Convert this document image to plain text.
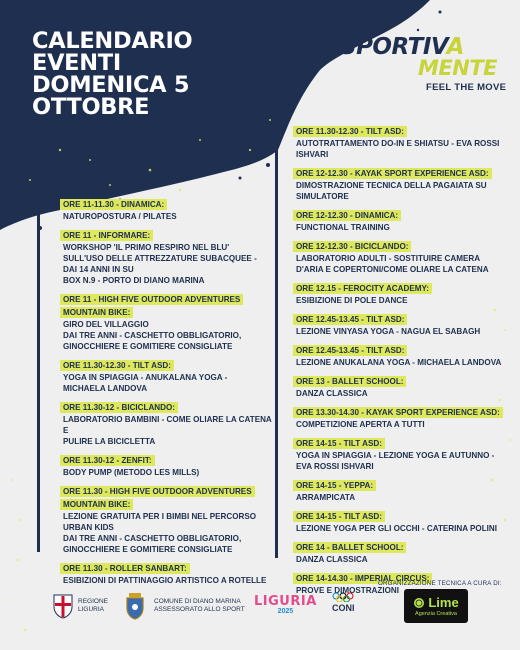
CALENDARIO
EVENTI
DOMENICA 5
OTTOBRE
SPORTIVA
MENTE
FEEL THE MOVE
ORE 11-11.30 - DINAMICA:
NATUROPOSTURA / PILATES
ORE 11 - INFORMARE:
WORKSHOP 'IL PRIMO RESPIRO NEL BLU'
SULL'USO DELLE ATTREZZATURE SUBACQUEE -
DAI 14 ANNI IN SU
BOX N.9 - PORTO DI DIANO MARINA
ORE 11 - HIGH FIVE OUTDOOR ADVENTURES MOUNTAIN BIKE:
GIRO DEL VILLAGGIO
DAI TRE ANNI - CASCHETTO OBBLIGATORIO,
GINOCCHIERE E GOMITIERE CONSIGLIATE
ORE 11.30-12.30 - TILT ASD:
YOGA IN SPIAGGIA - ANUKALANA YOGA -
MICHAELA LANDOVA
ORE 11.30-12 - BICICLANDO:
LABORATORIO BAMBINI - COME OLIARE LA CATENA E
PULIRE LA BICICLETTA
ORE 11.30-12 - ZENFIT:
BODY PUMP (METODO LES MILLS)
ORE 11.30 - HIGH FIVE OUTDOOR ADVENTURES MOUNTAIN BIKE:
LEZIONE GRATUITA PER I BIMBI NEL PERCORSO
URBAN KIDS
DAI TRE ANNI - CASCHETTO OBBLIGATORIO,
GINOCCHIERE E GOMITIERE CONSIGLIATE
ORE 11.30 - ROLLER SANBART:
ESIBIZIONI DI PATTINAGGIO ARTISTICO A ROTELLE
ORE 11.30-12.30 - TILT ASD:
AUTOTRATTAMENTO DO-IN E SHIATSU - EVA ROSSI
ISHVARI
ORE 12-12.30 - KAYAK SPORT EXPERIENCE ASD:
DIMOSTRAZIONE TECNICA DELLA PAGAIATA SU
SIMULATORE
ORE 12-12.30 - DINAMICA:
FUNCTIONAL TRAINING
ORE 12-12.30 - BICICLANDO:
LABORATORIO ADULTI - SOSTITUIRE CAMERA
D'ARIA E COPERTONI/COME OLIARE LA CATENA
ORE 12.15 - FEROCITY ACADEMY:
ESIBIZIONE DI POLE DANCE
ORE 12.45-13.45 - TILT ASD:
LEZIONE VINYASA YOGA - NAGUA EL SABAGH
ORE 12.45-13.45 - TILT ASD:
LEZIONE ANUKALANA YOGA - MICHAELA LANDOVA
ORE 13 - BALLET SCHOOL:
DANZA CLASSICA
ORE 13.30-14.30 - KAYAK SPORT EXPERIENCE ASD:
COMPETIZIONE APERTA A TUTTI
ORE 14-15 - TILT ASD:
YOGA IN SPIAGGIA - LEZIONE YOGA E AUTUNNO -
EVA ROSSI ISHVARI
ORE 14-15 - YEPPA:
ARRAMPICATA
ORE 14-15 - TILT ASD:
LEZIONE YOGA PER GLI OCCHI - CATERINA POLINI
ORE 14 - BALLET SCHOOL:
DANZA CLASSICA
ORE 14-14.30 - IMPERIAL CIRCUS:
PROVE E DIMOSTRAZIONI
ORGANIZZAZIONE TECNICA A CURA DI:
REGIONE
LIGURIA
COMUNE DI DIANO MARINA
ASSESSORATO ALLO SPORT
LIGURIA
2025	CONI	Lime
Agenzia Creativa
